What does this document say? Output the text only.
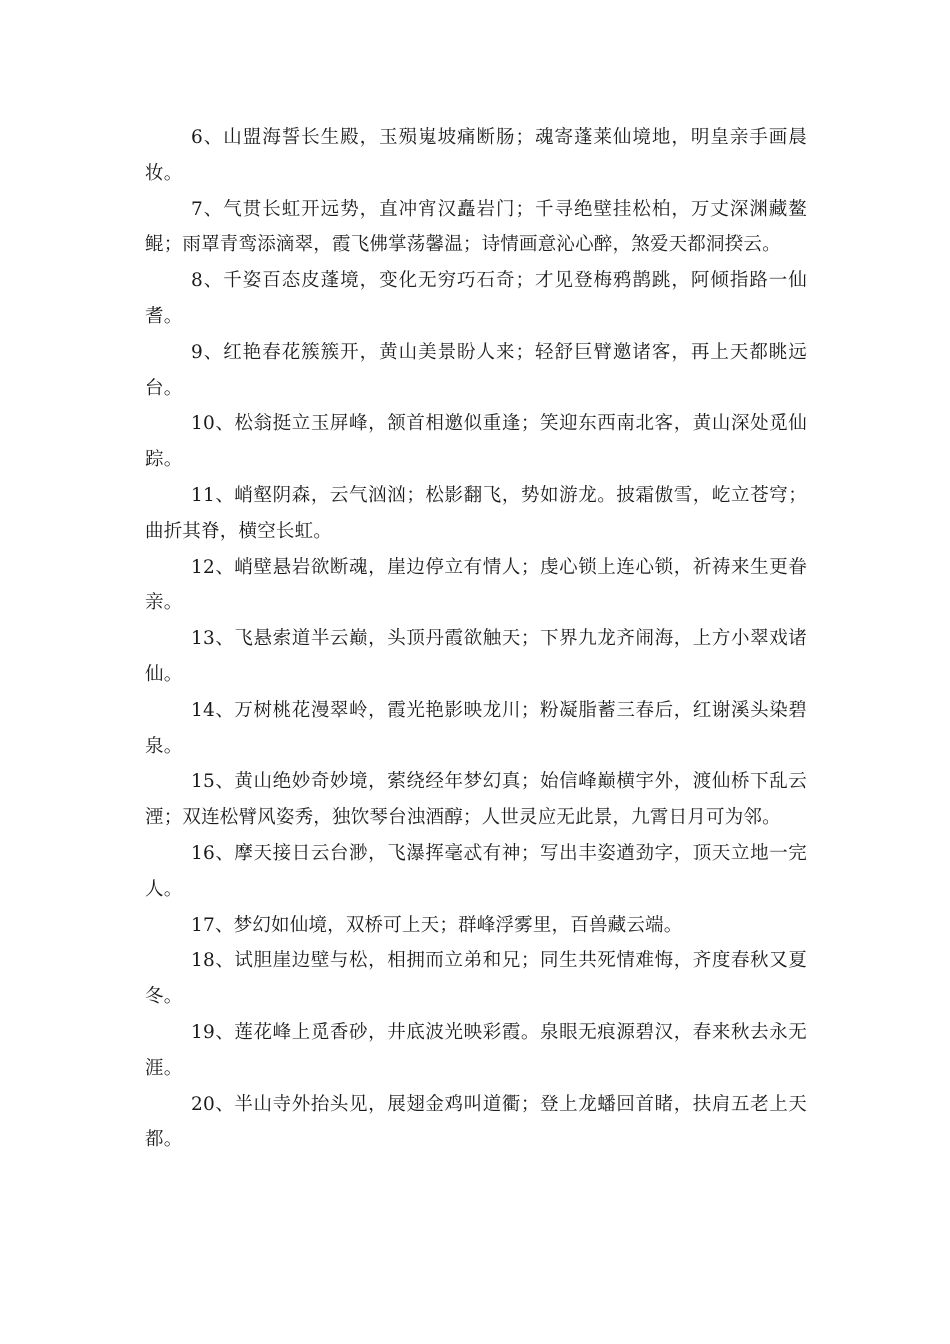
6、山盟海誓长生殿，玉殒嵬坡痛断肠；魂寄蓬莱仙境地，明皇亲手画晨妆。

7、气贯长虹开远势，直冲宵汉矗岩门；千寻绝壁挂松柏，万丈深渊藏鳌鲲；雨罩青鸾添滴翠，霞飞佛掌荡馨温；诗情画意沁心醉，煞爱天都洞揆云。

8、千姿百态皮蓬境，变化无穷巧石奇；才见登梅鸦鹊跳，阿倾指路一仙耆。

9、红艳春花簇簇开，黄山美景盼人来；轻舒巨臂邀诸客，再上天都眺远台。

10、松翁挺立玉屏峰，颔首相邀似重逢；笑迎东西南北客，黄山深处觅仙踪。

11、峭壑阴森，云气汹汹；松影翻飞，势如游龙。披霜傲雪，屹立苍穹；曲折其脊，横空长虹。

12、峭壁悬岩欲断魂，崖边停立有情人；虔心锁上连心锁，祈祷来生更眷亲。

13、飞悬索道半云巅，头顶丹霞欲触天；下界九龙齐闹海，上方小翠戏诸仙。

14、万树桃花漫翠岭，霞光艳影映龙川；粉凝脂蓄三春后，红谢溪头染碧泉。

15、黄山绝妙奇妙境，萦绕经年梦幻真；始信峰巅横宇外，渡仙桥下乱云湮；双连松臂风姿秀，独饮琴台浊酒醇；人世灵应无此景，九霄日月可为邻。

16、摩天接日云台渺，飞瀑挥毫忒有神；写出丰姿遒劲字，顶天立地一完人。

17、梦幻如仙境，双桥可上天；群峰浮雾里，百兽藏云端。

18、试胆崖边壁与松，相拥而立弟和兄；同生共死情难悔，齐度春秋又夏冬。

19、莲花峰上觅香砂，井底波光映彩霞。泉眼无痕源碧汉，春来秋去永无涯。

20、半山寺外抬头见，展翅金鸡叫道衢；登上龙蟠回首睹，扶肩五老上天都。
